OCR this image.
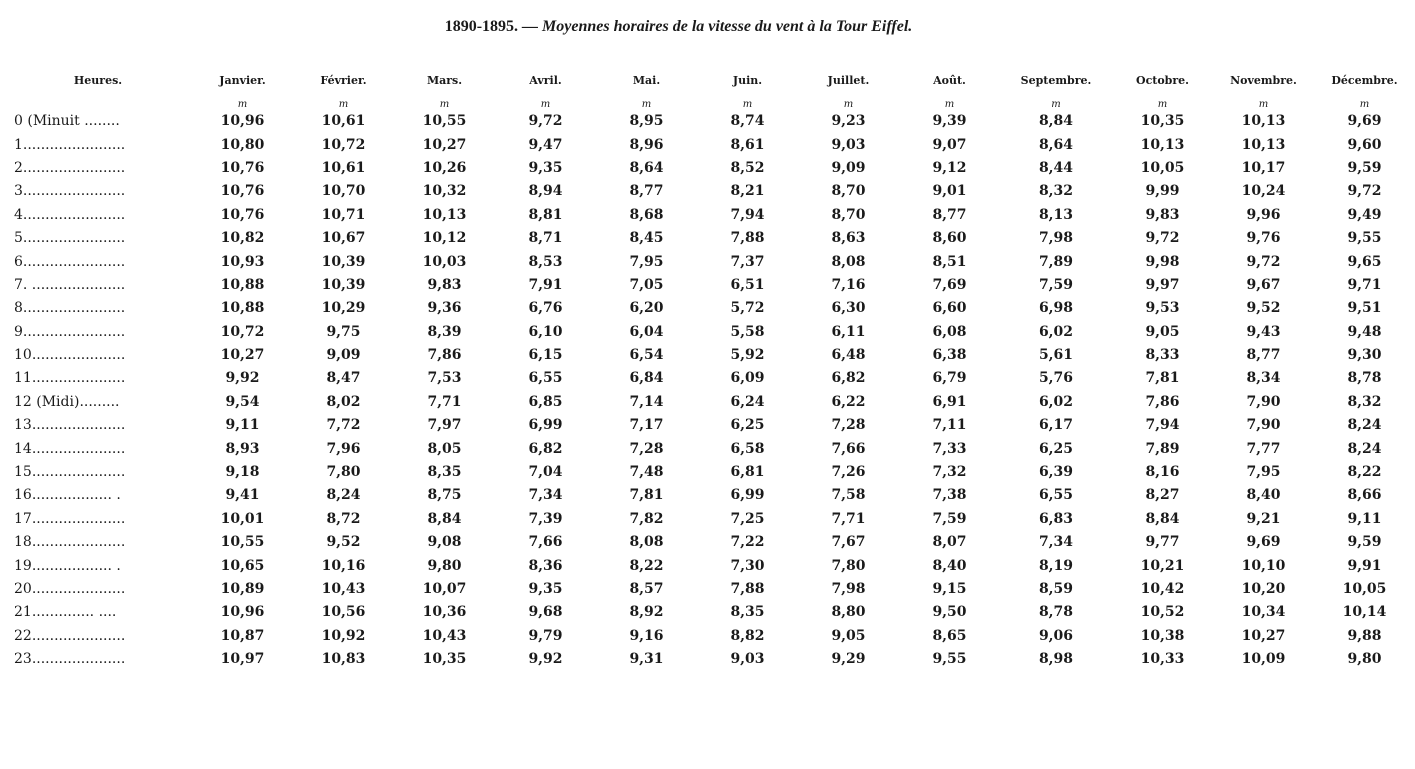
1890-1895. — Moyennes horaires de la vitesse du vent à la Tour Eiffel.
Heures.	Janvier.	Février.	Mars.	Avril.	Mai.	Juin.	Juillet.	Août.	Septembre.	Octobre.	Novembre.	Décembre.
	m	m	m	m	m	m	m	m	m	m	m	m
0 (Minuit ........	10,96	10,61	10,55	9,72	8,95	8,74	9,23	9,39	8,84	10,35	10,13	9,69
1.......................	10,80	10,72	10,27	9,47	8,96	8,61	9,03	9,07	8,64	10,13	10,13	9,60
2.......................	10,76	10,61	10,26	9,35	8,64	8,52	9,09	9,12	8,44	10,05	10,17	9,59
3.......................	10,76	10,70	10,32	8,94	8,77	8,21	8,70	9,01	8,32	9,99	10,24	9,72
4.......................	10,76	10,71	10,13	8,81	8,68	7,94	8,70	8,77	8,13	9,83	9,96	9,49
5.......................	10,82	10,67	10,12	8,71	8,45	7,88	8,63	8,60	7,98	9,72	9,76	9,55
6.......................	10,93	10,39	10,03	8,53	7,95	7,37	8,08	8,51	7,89	9,98	9,72	9,65
7. .....................	10,88	10,39	9,83	7,91	7,05	6,51	7,16	7,69	7,59	9,97	9,67	9,71
8.......................	10,88	10,29	9,36	6,76	6,20	5,72	6,30	6,60	6,98	9,53	9,52	9,51
9.......................	10,72	9,75	8,39	6,10	6,04	5,58	6,11	6,08	6,02	9,05	9,43	9,48
10.....................	10,27	9,09	7,86	6,15	6,54	5,92	6,48	6,38	5,61	8,33	8,77	9,30
11.....................	9,92	8,47	7,53	6,55	6,84	6,09	6,82	6,79	5,76	7,81	8,34	8,78
12 (Midi).........	9,54	8,02	7,71	6,85	7,14	6,24	6,22	6,91	6,02	7,86	7,90	8,32
13.....................	9,11	7,72	7,97	6,99	7,17	6,25	7,28	7,11	6,17	7,94	7,90	8,24
14.....................	8,93	7,96	8,05	6,82	7,28	6,58	7,66	7,33	6,25	7,89	7,77	8,24
15.....................	9,18	7,80	8,35	7,04	7,48	6,81	7,26	7,32	6,39	8,16	7,95	8,22
16.................. .	9,41	8,24	8,75	7,34	7,81	6,99	7,58	7,38	6,55	8,27	8,40	8,66
17.....................	10,01	8,72	8,84	7,39	7,82	7,25	7,71	7,59	6,83	8,84	9,21	9,11
18.....................	10,55	9,52	9,08	7,66	8,08	7,22	7,67	8,07	7,34	9,77	9,69	9,59
19.................. .	10,65	10,16	9,80	8,36	8,22	7,30	7,80	8,40	8,19	10,21	10,10	9,91
20.....................	10,89	10,43	10,07	9,35	8,57	7,88	7,98	9,15	8,59	10,42	10,20	10,05
21.............. ....	10,96	10,56	10,36	9,68	8,92	8,35	8,80	9,50	8,78	10,52	10,34	10,14
22.....................	10,87	10,92	10,43	9,79	9,16	8,82	9,05	8,65	9,06	10,38	10,27	9,88
23.....................	10,97	10,83	10,35	9,92	9,31	9,03	9,29	9,55	8,98	10,33	10,09	9,80
